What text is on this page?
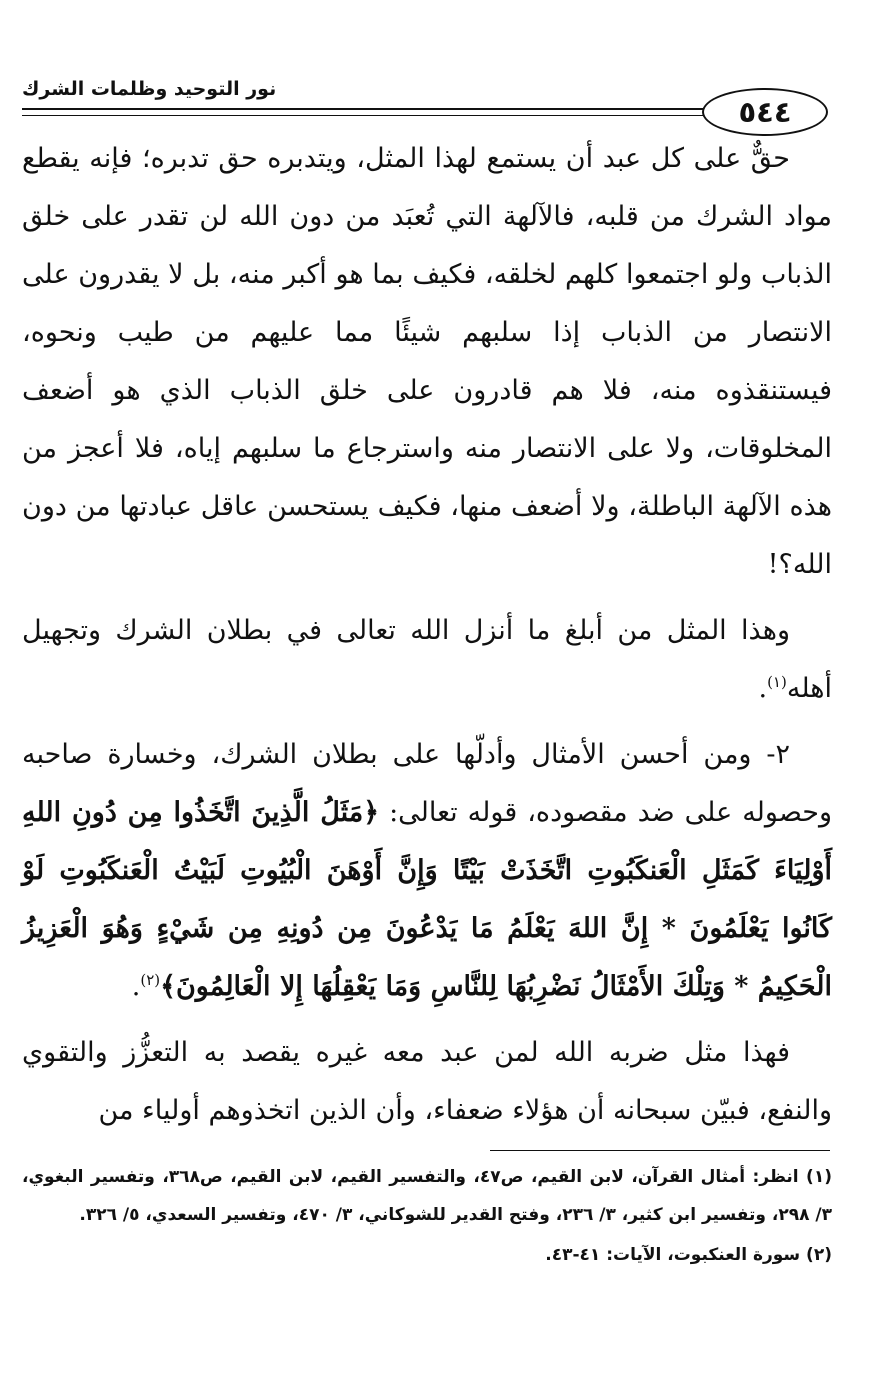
نور التوحيد وظلمات الشرك
٥٤٤

حقٌّ على كل عبد أن يستمع لهذا المثل، ويتدبره حق تدبره؛ فإنه يقطع مواد الشرك من قلبه، فالآلهة التي تُعبَد من دون الله لن تقدر على خلق الذباب ولو اجتمعوا كلهم لخلقه، فكيف بما هو أكبر منه، بل لا يقدرون على الانتصار من الذباب إذا سلبهم شيئًا مما عليهم من طيب ونحوه، فيستنقذوه منه، فلا هم قادرون على خلق الذباب الذي هو أضعف المخلوقات، ولا على الانتصار منه واسترجاع ما سلبهم إياه، فلا أعجز من هذه الآلهة الباطلة، ولا أضعف منها، فكيف يستحسن عاقل عبادتها من دون الله؟!

وهذا المثل من أبلغ ما أنزل الله تعالى في بطلان الشرك وتجهيل أهله$^{(١)}$.

٢- ومن أحسن الأمثال وأدلّها على بطلان الشرك، وخسارة صاحبه وحصوله على ضد مقصوده، قوله تعالى: ﴿مَثَلُ الَّذِينَ اتَّخَذُوا مِن دُونِ اللهِ أَوْلِيَاءَ كَمَثَلِ الْعَنكَبُوتِ اتَّخَذَتْ بَيْتًا وَإِنَّ أَوْهَنَ الْبُيُوتِ لَبَيْتُ الْعَنكَبُوتِ لَوْ كَانُوا يَعْلَمُونَ * إِنَّ اللهَ يَعْلَمُ مَا يَدْعُونَ مِن دُونِهِ مِن شَيْءٍ وَهُوَ الْعَزِيزُ الْحَكِيمُ * وَتِلْكَ الأَمْثَالُ نَضْرِبُهَا لِلنَّاسِ وَمَا يَعْقِلُهَا إِلا الْعَالِمُونَ﴾$^{(٢)}$.

فهذا مثل ضربه الله لمن عبد معه غيره يقصد به التعزُّز والتقوي والنفع، فبيّن سبحانه أن هؤلاء ضعفاء، وأن الذين اتخذوهم أولياء من

(١) انظر: أمثال القرآن، لابن القيم، ص٤٧، والتفسير القيم، لابن القيم، ص٣٦٨، وتفسير البغوي، ٣/ ٢٩٨، وتفسير ابن كثير، ٣/ ٢٣٦، وفتح القدير للشوكاني، ٣/ ٤٧٠، وتفسير السعدي، ٥/ ٣٢٦.

(٢) سورة العنكبوت، الآيات: ٤١-٤٣.
